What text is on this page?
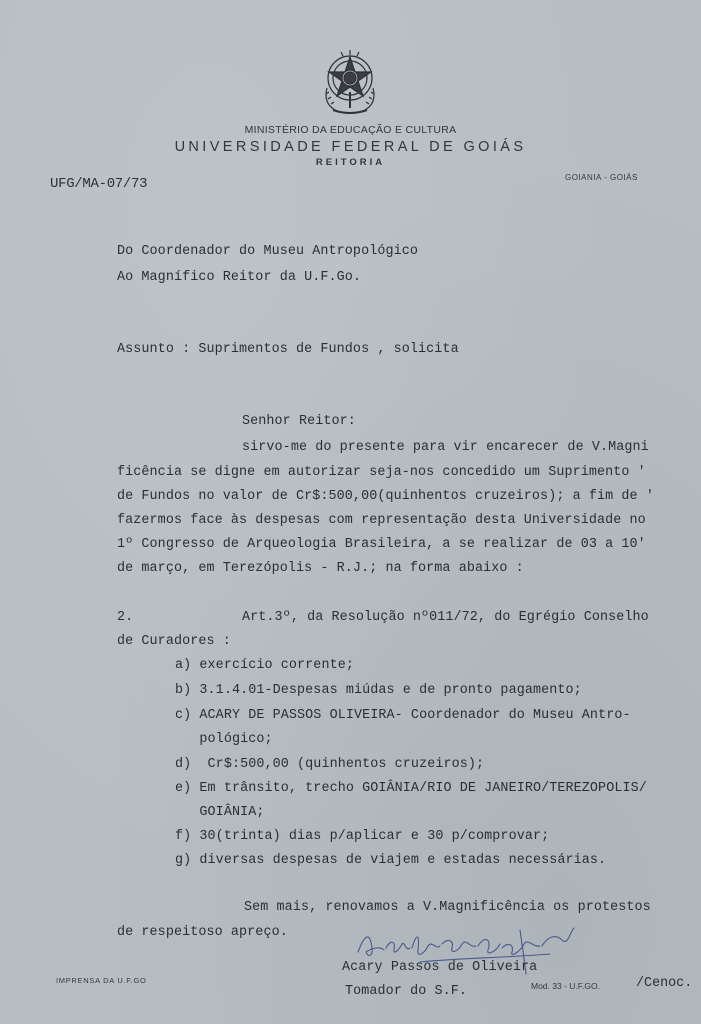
MINISTÉRIO DA EDUCAÇÃO E CULTURA
UNIVERSIDADE FEDERAL DE GOIÁS
REITORIA
GOIANIA - GOIÁS
UFG/MA-07/73
Do Coordenador do Museu Antropológico
Ao Magnífico Reitor da U.F.Go.
Assunto : Suprimentos de Fundos , solicita
Senhor Reitor:
sirvo-me do presente para vir encarecer de V.Magni
ficência se digne em autorizar seja-nos concedido um Suprimento '
de Fundos no valor de Cr$:500,00(quinhentos cruzeiros); a fim de '
fazermos face às despesas com representação desta Universidade no
1º Congresso de Arqueologia Brasileira, a se realizar de 03 a 10'
de março, em Terezópolis - R.J.; na forma abaixo :
2.	Art.3º, da Resolução nº011/72, do Egrégio Conselho
de Curadores :
a) exercício corrente;
b) 3.1.4.01-Despesas miúdas e de pronto pagamento;
c) ACARY DE PASSOS OLIVEIRA- Coordenador do Museu Antro-
pológico;
d)  Cr$:500,00 (quinhentos cruzeiros);
e) Em trânsito, trecho GOIÂNIA/RIO DE JANEIRO/TEREZOPOLIS/
GOIÂNIA;
f) 30(trinta) dias p/aplicar e 30 p/comprovar;
g) diversas despesas de viajem e estadas necessárias.
Sem mais, renovamos a V.Magnificência os protestos
de respeitoso apreço.
Acary Passos de Oliveira
Tomador do S.F.
IMPRENSA DA U.F.GO
Mod. 33 - U.F.GO.	/Cenoc.
